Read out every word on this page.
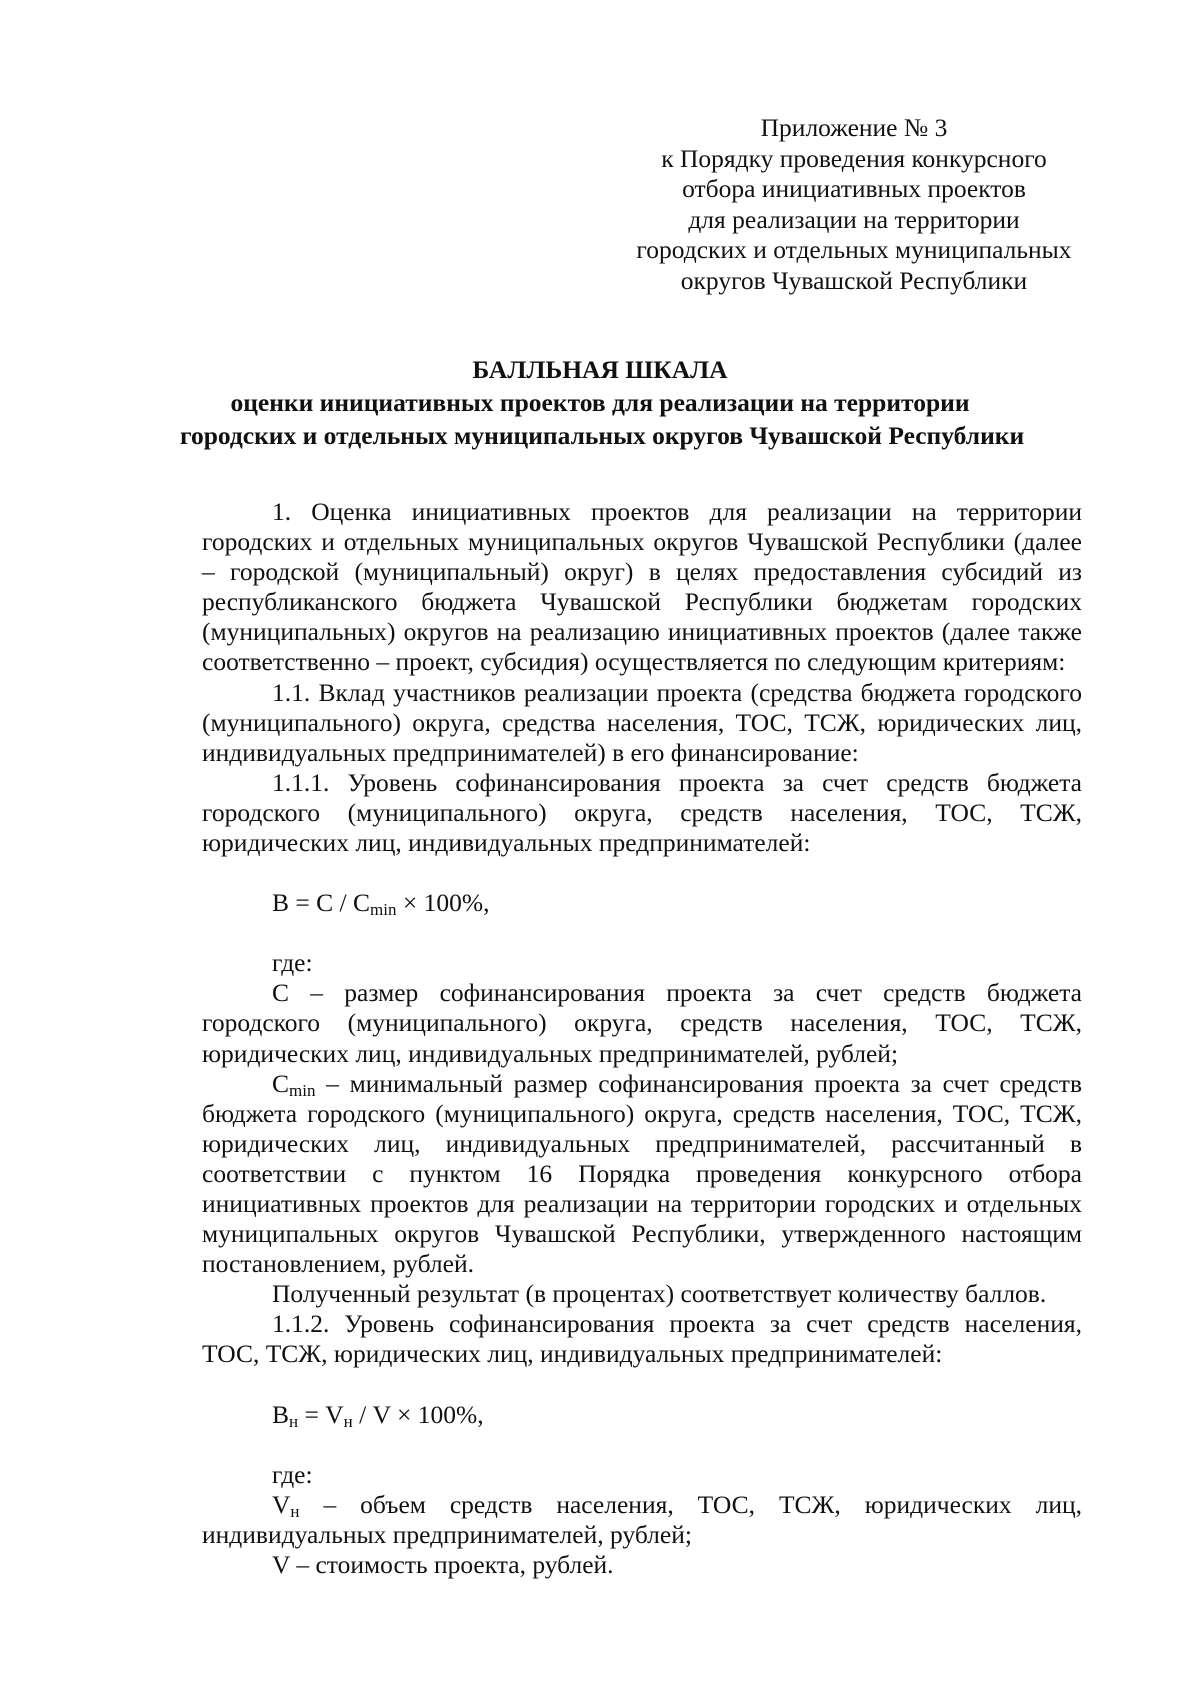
Приложение № 3
к Порядку проведения конкурсного
отбора инициативных проектов
для реализации на территории
городских и отдельных муниципальных
округов Чувашской Республики
БАЛЛЬНАЯ ШКАЛА
оценки инициативных проектов для реализации на территории
городских и отдельных муниципальных округов Чувашской Республики

1. Оценка инициативных проектов для реализации на территории городских и отдельных муниципальных округов Чувашской Республики (далее – городской (муниципальный) округ) в целях предоставления субсидий из республиканского бюджета Чувашской Республики бюджетам городских (муниципальных) округов на реализацию инициативных проектов (далее также соответственно – проект, субсидия) осуществляется по следующим критериям:

1.1. Вклад участников реализации проекта (средства бюджета городского (муниципального) округа, средства населения, ТОС, ТСЖ, юридических лиц, индивидуальных предпринимателей) в его финансирование:

1.1.1. Уровень софинансирования проекта за счет средств бюджета городского (муниципального) округа, средств населения, ТОС, ТСЖ, юридических лиц, индивидуальных предпринимателей:

$B = C / C_{min} \times 100\%$,

где:

C – размер софинансирования проекта за счет средств бюджета городского (муниципального) округа, средств населения, ТОС, ТСЖ, юридических лиц, индивидуальных предпринимателей, рублей;

$C_{min}$ – минимальный размер софинансирования проекта за счет средств бюджета городского (муниципального) округа, средств населения, ТОС, ТСЖ, юридических лиц, индивидуальных предпринимателей, рассчитанный в соответствии с пунктом 16 Порядка проведения конкурсного отбора инициативных проектов для реализации на территории городских и отдельных муниципальных округов Чувашской Республики, утвержденного настоящим постановлением, рублей.

Полученный результат (в процентах) соответствует количеству баллов.

1.1.2. Уровень софинансирования проекта за счет средств населения, ТОС, ТСЖ, юридических лиц, индивидуальных предпринимателей:

$B_н = V_н / V \times 100\%$,

где:

$V_н$ – объем средств населения, ТОС, ТСЖ, юридических лиц, индивидуальных предпринимателей, рублей;

V – стоимость проекта, рублей.
